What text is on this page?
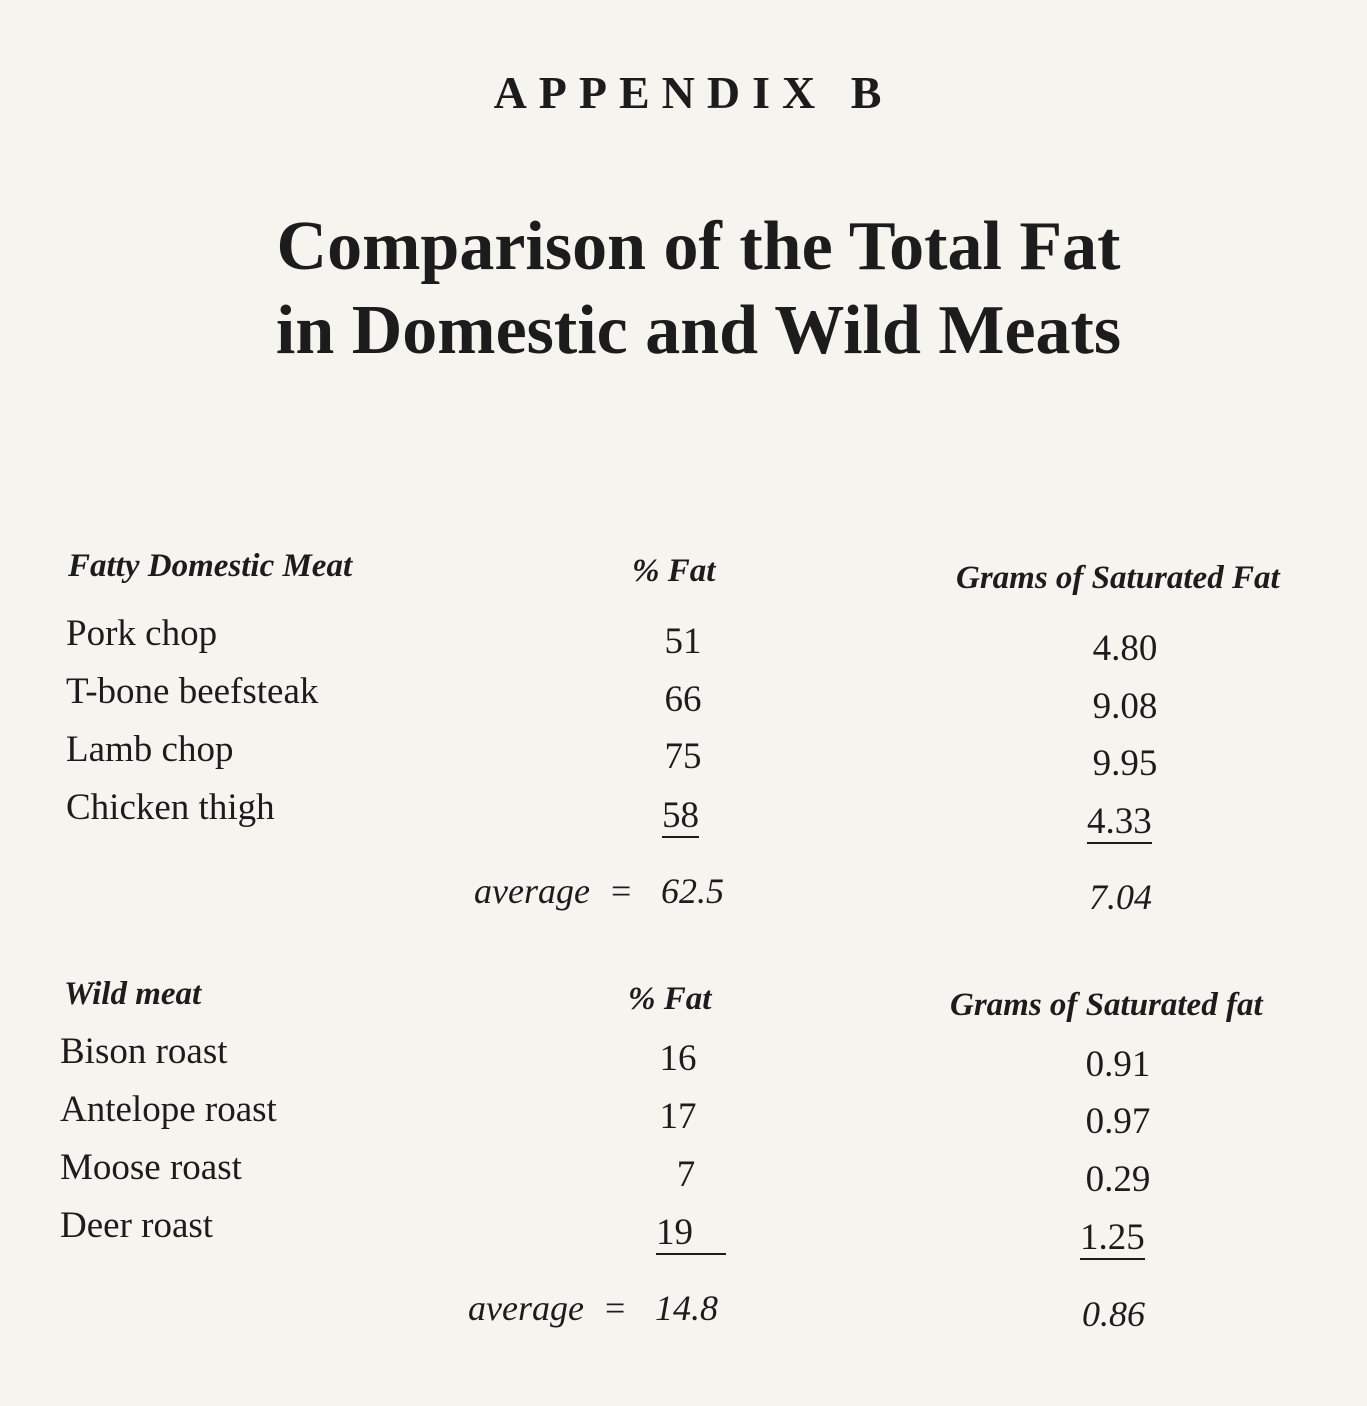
APPENDIX B
Comparison of the Total Fat
in Domestic and Wild Meats
Fatty Domestic Meat	% Fat	Grams of Saturated Fat
Pork chop	51	4.80
T-bone beefsteak	66	9.08
Lamb chop	75	9.95
Chicken thigh	58	4.33
average = 62.5	7.04
Wild meat	% Fat	Grams of Saturated fat
Bison roast	16	0.91
Antelope roast	17	0.97
Moose roast	7	0.29
Deer roast	19	1.25
average = 14.8	0.86
